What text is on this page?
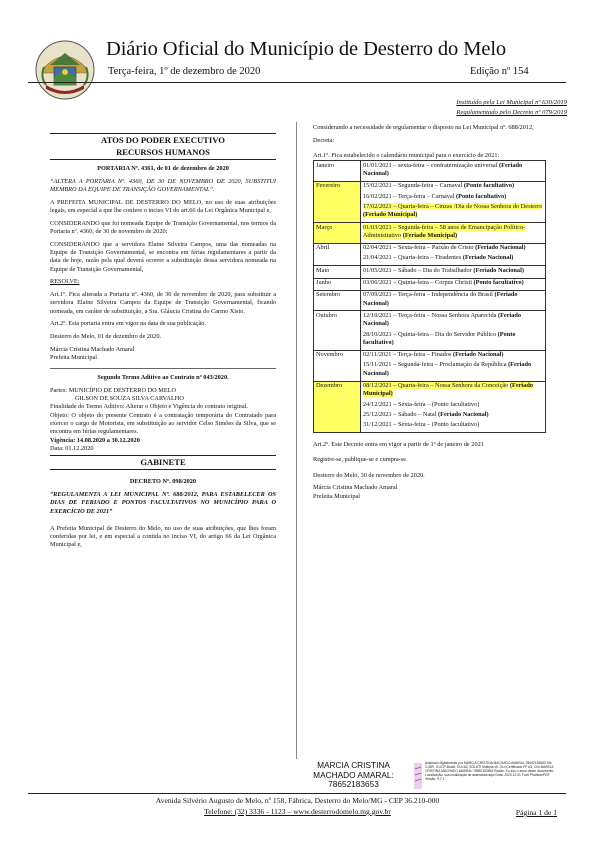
Diário Oficial do Município de Desterro do Melo
Terça-feira, 1º de dezembro de 2020	Edição nº 154
Instituído pela Lei Municipal nº 630/2019
Regulamentado pelo Decreto nº 079/2019
ATOS DO PODER EXECUTIVO
RECURSOS HUMANOS

PORTARIA Nº. 4361, de 01 de dezembro de 2020

“ALTERA A PORTARIA Nº. 4360, DE 30 DE NOVEMBRO DE 2020, SUBSTITUI MEMBRO DA EQUIPE DE TRANSIÇÃO GOVERNAMENTAL”.

A PREFEITA MUNICIPAL DE DESTERRO DO MELO, no uso de suas atribuições legais, em especial a que lhe confere o inciso VI do art.66 da Lei Orgânica Municipal e,

CONSIDERANDO que foi nomeada Equipe de Transição Governamental, nos termos da Portaria nº. 4360, de 30 de novembro de 2020;

CONSIDERANDO que a servidora Elaine Silveira Campos, uma das nomeadas na Equipe de Transição Governamental, se encontra em férias regulamentares a partir da data de hoje, razão pela qual deverá ocorrer a substituição dessa servidora nomeada na Equipe de Transição Governamental,

RESOLVE:

Art.1º. Fica alterada a Portaria nº. 4360, de 30 de novembro de 2020, para substituir a servidora Elaine Silveira Campos da Equipe de Transição Governamental, ficando nomeada, em caráter de substituição, a Sra. Gláucia Cristina do Carmo Xisto.

Art.2º. Esta portaria entra em vigor na data de sua publicação.

Desterro do Melo, 01 de dezembro de 2020.

Márcia Cristina Machado Amaral

Prefeita Municipal

Segundo Termo Aditivo ao Contrato nº 043/2020.

Partes: MUNICÍPIO DE DESTERRO DO MELO

GILSON DE SOUZA SILVA CARVALHO

Finalidade do Termo Aditivo: Alterar o Objeto e Vigência do contrato original.

Objeto: O objeto do presente Contrato é a contratação temporária do Contratado para exercer o cargo de Motorista, em substituição ao servidor Celso Simões da Silva, que se encontra em férias regulamentares.

Vigência: 14.08.2020 a 30.12.2020

Data: 01.12.2020

GABINETE

DECRETO Nº. 098/2020

“REGULAMENTA A LEI MUNICIPAL Nº. 688/2012, PARA ESTABELECER OS DIAS DE FERIADO E PONTOS FACULTATIVOS NO MUNICÍPIO PARA O EXERCÍCIO DE 2021”

A Prefeita Municipal de Desterro do Melo, no uso de suas atribuições, que lhes foram conferidas por lei, e em especial a contida no inciso VI, do artigo 66 da Lei Orgânica Municipal e,

Considerando a necessidade de regulamentar o disposto na Lei Municipal nº. 688/2012,

Decreta:

Art.1º. Fica estabelecido o calendário municipal para o exercício de 2021:

Janeiro	01/01/2021 – sexta-feira – confraternização universal (Feriado Nacional)

Fevereiro	15/02/2021 – Segunda-feira – Carnaval (Ponto facultativo)
16/02/2021 – Terça-feira – Carnaval (Ponto facultativo)
17/02/2021 – Quarta-feira – Cinzas /Dia de Nossa Senhora do Desterro (Feriado Municipal)

Março	01/03/2021 – Segunda-feira – 58 anos de Emancipação Político-Administrativo (Feriado Municipal)

Abril	02/04/2021 – Sexta-feira – Paixão de Cristo (Feriado Nacional)
21/04/2021 – Quarta-feira – Tiradentes (Feriado Nacional)

Maio	01/05/2021 – Sábado – Dia do Trabalhador (Feriado Nacional)

Junho	03/06/2021 – Quinta-feira – Corpus Christi (Ponto facultativo)

Setembro	07/09/2021 – Terça-feira – Independência do Brasil (Feriado Nacional)

Outubro	12/10/2021 – Terça-feira – Nossa Senhora Aparecida (Feriado Nacional)
28/10/2021 – Quinta-feira – Dia do Servidor Público (Ponto facultativo)

Novembro	02/11/2021 – Terça-feira – Finados (Feriado Nacional)
15/11/2021 – Segunda-feira – Proclamação da República (Feriado Nacional)

Dezembro	08/12/2021 – Quarta-feira – Nossa Senhora da Conceição (Feriado Municipal)
24/12/2021 – Sexta-feira – (Ponto facultativo)
25/12/2021 – Sábado – Natal (Feriado Nacional)
31/12/2021 – Sexta-feira – (Ponto facultativo)

Art.2º. Este Decreto entra em vigor a partir de 1º de janeiro de 2021

Registre-se, publique-se e cumpra-se.

Desterro do Melo, 30 de novembro de 2020.

Márcia Cristina Machado Amaral

Prefeita Municipal

MARCIA CRISTINA
MACHADO AMARAL:
78652183653
Assinado digitalmente por MARCIA CRISTINA MACHADO AMARAL:78652183653 DN: C=BR, O=ICP-Brasil, OU=AC SOLUTI Multipla v5, OU=Certificado PF A3, CN=MARCIA CRISTINA MACHADO AMARAL:78652183653 Razão: Eu sou o autor deste documento Localização: sua localização de assinatura aqui Data: 2020.12.01 Foxit PhantomPDF Versão: 9.7.1
Avenida Silvério Augusto de Melo, nº 158, Fábrica, Desterro do Melo/MG - CEP 36.210-000
Telefone: (32) 3336 - 1123 – www.desterrodomelo.mg.gov.br	Página 1 de 1
